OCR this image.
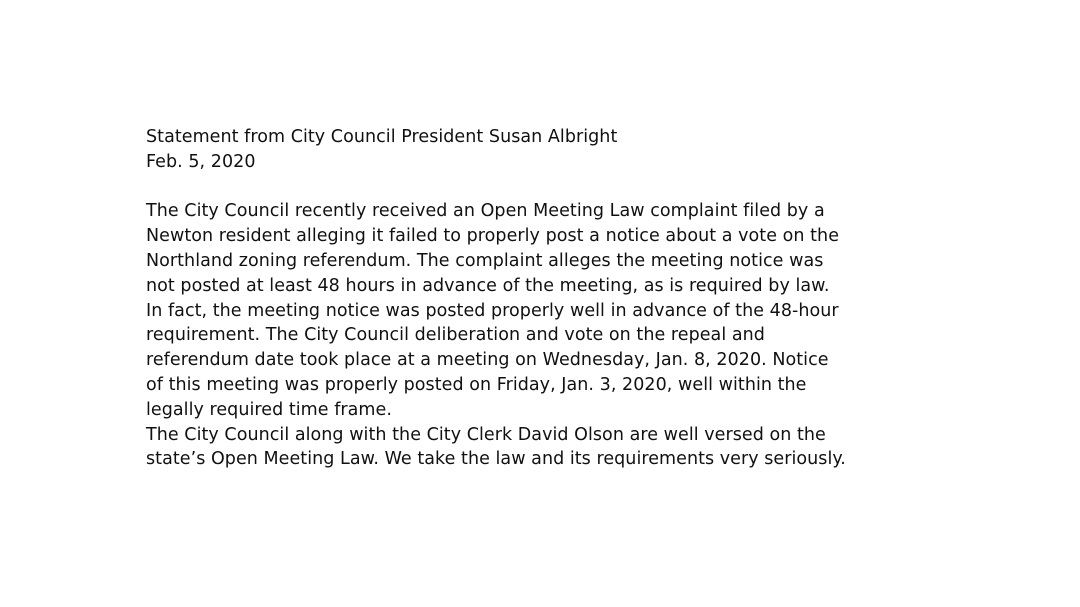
Statement from City Council President Susan Albright
Feb. 5, 2020
The City Council recently received an Open Meeting Law complaint filed by a
Newton resident alleging it failed to properly post a notice about a vote on the
Northland zoning referendum. The complaint alleges the meeting notice was
not posted at least 48 hours in advance of the meeting, as is required by law.
In fact, the meeting notice was posted properly well in advance of the 48-hour
requirement. The City Council deliberation and vote on the repeal and
referendum date took place at a meeting on Wednesday, Jan. 8, 2020. Notice
of this meeting was properly posted on Friday, Jan. 3, 2020, well within the
legally required time frame.
The City Council along with the City Clerk David Olson are well versed on the
state’s Open Meeting Law. We take the law and its requirements very seriously.
